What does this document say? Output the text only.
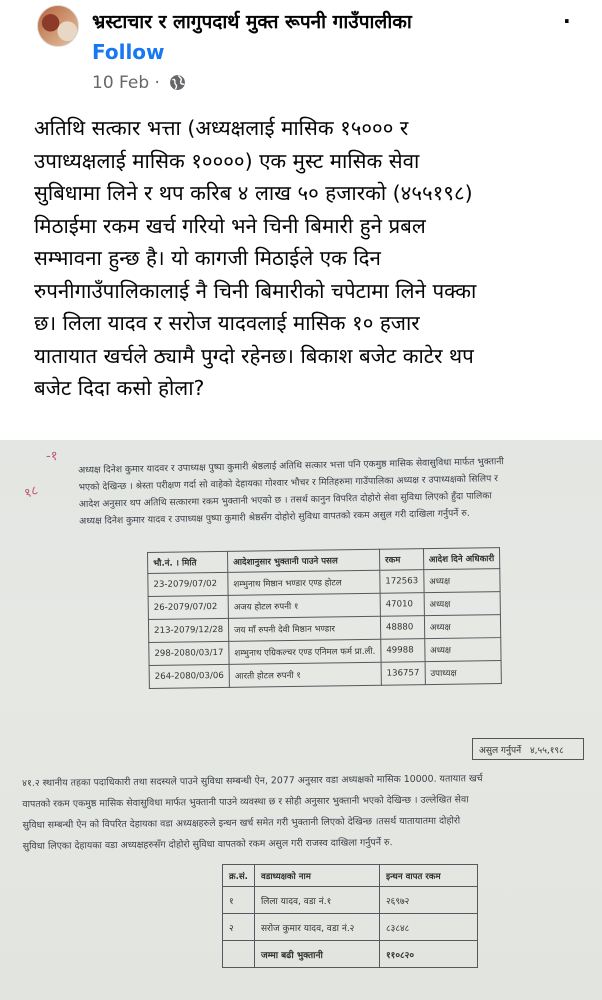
भ्रस्टाचार र लागुपदार्थ मुक्त रूपनी गाउँपालीका	·
Follow
10 Feb ·
अतिथि सत्कार भत्ता (अध्यक्षलाई मासिक १५००० र
उपाध्यक्षलाई मासिक १००००) एक मुस्ट मासिक सेवा
सुबिधामा लिने र थप करिब ४ लाख ५० हजारको (४५५१९८)
मिठाईमा रकम खर्च गरियो भने चिनी बिमारी हुने प्रबल
सम्भावना हुन्छ है। यो कागजी मिठाईले एक दिन
रुपनीगाउँपालिकालाई नै चिनी बिमारीको चपेटामा लिने पक्का
छ। लिला यादव र सरोज यादवलाई मासिक १० हजार
यातायात खर्चले ठ्यामै पुग्दो रहेनछ। बिकाश बजेट काटेर थप
बजेट दिदा कसो होला?
-१
१८
अध्यक्ष दिनेश कुमार यादवर र उपाध्यक्ष पुष्पा कुमारी श्रेष्ठलाई अतिथि सत्कार भत्ता पनि एकमुष्ठ मासिक सेवासुविधा मार्फत भुक्तानी
भएको देखिन्छ । श्रेस्ता परीक्षण गर्दा सो वाहेको देहायका गोश्वार भौचर र मितिहरुमा गाउँपालिका अध्यक्ष र उपाध्यक्षको सिलिप र
आदेश अनुसार थप अतिथि सत्कारमा रकम भुक्तानी भएको छ । तसर्थ कानुन विपरित दोहोरो सेवा सुविधा लिएको हुँदा पालिका
अध्यक्ष दिनेश कुमार यादव र उपाध्यक्ष पुष्पा कुमारी श्रेष्ठसँग दोहोरो सुविधा वापतको रकम असुल गरी दाखिला गर्नुपर्ने रु.
भौ.नं. । मिति	आदेशानुसार भुक्तानी पाउने पसल	रकम	आदेश दिने अधिकारी
23-2079/07/02	शम्भुनाथ मिष्ठान भण्डार एण्ड होटल	172563	अध्यक्ष
26-2079/07/02	अजय होटल रुपनी १	47010	अध्यक्ष
213-2079/12/28	जय माँ रुपनी देवी मिष्ठान भण्डार	48880	अध्यक्ष
298-2080/03/17	शम्भुनाथ एग्रिकल्चर एण्ड एनिमल फर्म प्रा.ली.	49988	अध्यक्ष
264-2080/03/06	आरती होटल रुपनी १	136757	उपाध्यक्ष
असुल गर्नुपर्ने ४,५५,१९८
४१.२ स्थानीय तहका पदाधिकारी तथा सदस्यले पाउने सुविधा सम्बन्धी ऐन, 2077 अनुसार वडा अध्यक्षको मासिक 10000. यतायात खर्च
वापतको रकम एकमुष्ठ मासिक सेवासुविधा मार्फत भुक्तानी पाउने व्यवस्था छ र सोही अनुसार भुक्तानी भएको देखिन्छ । उल्लेखित सेवा
सुविधा सम्बन्धी ऐन को विपरित देहायका वडा अध्यक्षहरुले इन्धन खर्च समेत गरी भुक्तानी लिएको देखिन्छ ।तसर्थ यातायातमा दोहोरो
सुविधा लिएका देहायका वडा अध्यक्षहरुसँग दोहोरो सुविधा वापतको रकम असुल गरी राजस्व दाखिला गर्नुपर्ने रु.
क्र.सं.	वडाध्यक्षको नाम	इन्धन वापत रकम
१	लिला यादव, वडा नं.१	२६९७२
२	सरोज कुमार यादव, वडा नं.२	८३८४८
	जम्मा बढी भुक्तानी	११०८२०
